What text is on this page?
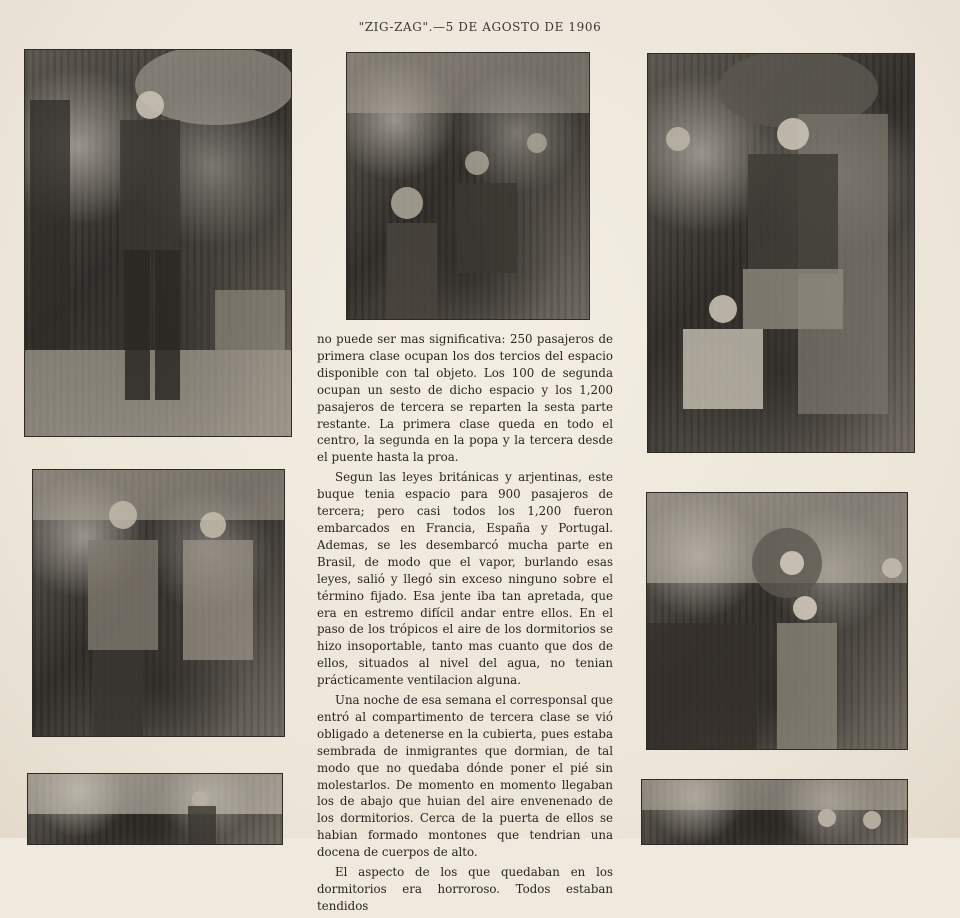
"ZIG-ZAG".—5 DE AGOSTO DE 1906

no puede ser mas significativa: 250 pasajeros de primera clase ocupan los dos tercios del espacio disponible con tal objeto. Los 100 de segunda ocupan un sesto de dicho espacio y los 1,200 pasajeros de tercera se reparten la sesta parte restante. La primera clase queda en todo el centro, la segunda en la popa y la tercera desde el puente hasta la proa.

Segun las leyes británicas y arjentinas, este buque tenia espacio para 900 pasajeros de tercera; pero casi todos los 1,200 fueron embarcados en Francia, España y Portugal. Ademas, se les desembarcó mucha parte en Brasil, de modo que el vapor, burlando esas leyes, salió y llegó sin exceso ninguno sobre el término fijado. Esa jente iba tan apretada, que era en estremo difícil andar entre ellos. En el paso de los trópicos el aire de los dormitorios se hizo insoportable, tanto mas cuanto que dos de ellos, situados al nivel del agua, no tenian prácticamente ventilacion alguna.

Una noche de esa semana el corresponsal que entró al compartimento de tercera clase se vió obligado a detenerse en la cubierta, pues estaba sembrada de inmigrantes que dormian, de tal modo que no quedaba dónde poner el pié sin molestarlos. De momento en momento llegaban los de abajo que huian del aire envenenado de los dormitorios. Cerca de la puerta de ellos se habian formado montones que tendrian una docena de cuerpos de alto.

El aspecto de los que quedaban en los dormitorios era horroroso. Todos estaban tendidos
